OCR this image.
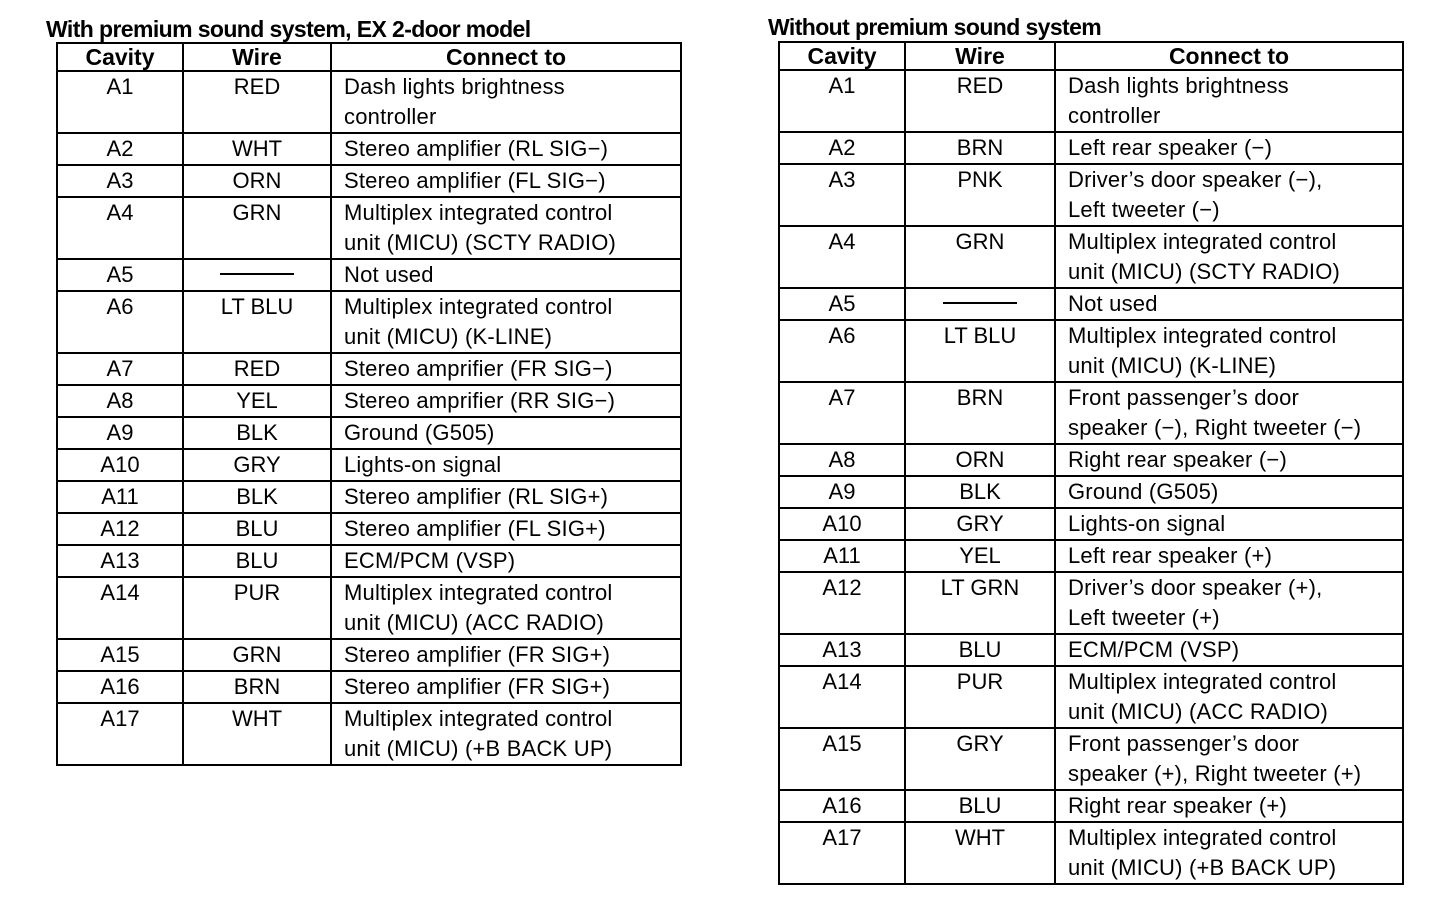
With premium sound system, EX 2-door model
Cavity	Wire	Connect to
A1	RED	Dash lights brightness
controller
A2	WHT	Stereo amplifier (RL SIG−)
A3	ORN	Stereo amplifier (FL SIG−)
A4	GRN	Multiplex integrated control
unit (MICU) (SCTY RADIO)
A5		Not used
A6	LT BLU	Multiplex integrated control
unit (MICU) (K-LINE)
A7	RED	Stereo amprifier (FR SIG−)
A8	YEL	Stereo amprifier (RR SIG−)
A9	BLK	Ground (G505)
A10	GRY	Lights-on signal
A11	BLK	Stereo amplifier (RL SIG+)
A12	BLU	Stereo amplifier (FL SIG+)
A13	BLU	ECM/PCM (VSP)
A14	PUR	Multiplex integrated control
unit (MICU) (ACC RADIO)
A15	GRN	Stereo amplifier (FR SIG+)
A16	BRN	Stereo amplifier (FR SIG+)
A17	WHT	Multiplex integrated control
unit (MICU) (+B BACK UP)
Without premium sound system
Cavity	Wire	Connect to
A1	RED	Dash lights brightness
controller
A2	BRN	Left rear speaker (−)
A3	PNK	Driver’s door speaker (−),
Left tweeter (−)
A4	GRN	Multiplex integrated control
unit (MICU) (SCTY RADIO)
A5		Not used
A6	LT BLU	Multiplex integrated control
unit (MICU) (K-LINE)
A7	BRN	Front passenger’s door
speaker (−), Right tweeter (−)
A8	ORN	Right rear speaker (−)
A9	BLK	Ground (G505)
A10	GRY	Lights-on signal
A11	YEL	Left rear speaker (+)
A12	LT GRN	Driver’s door speaker (+),
Left tweeter (+)
A13	BLU	ECM/PCM (VSP)
A14	PUR	Multiplex integrated control
unit (MICU) (ACC RADIO)
A15	GRY	Front passenger’s door
speaker (+), Right tweeter (+)
A16	BLU	Right rear speaker (+)
A17	WHT	Multiplex integrated control
unit (MICU) (+B BACK UP)
